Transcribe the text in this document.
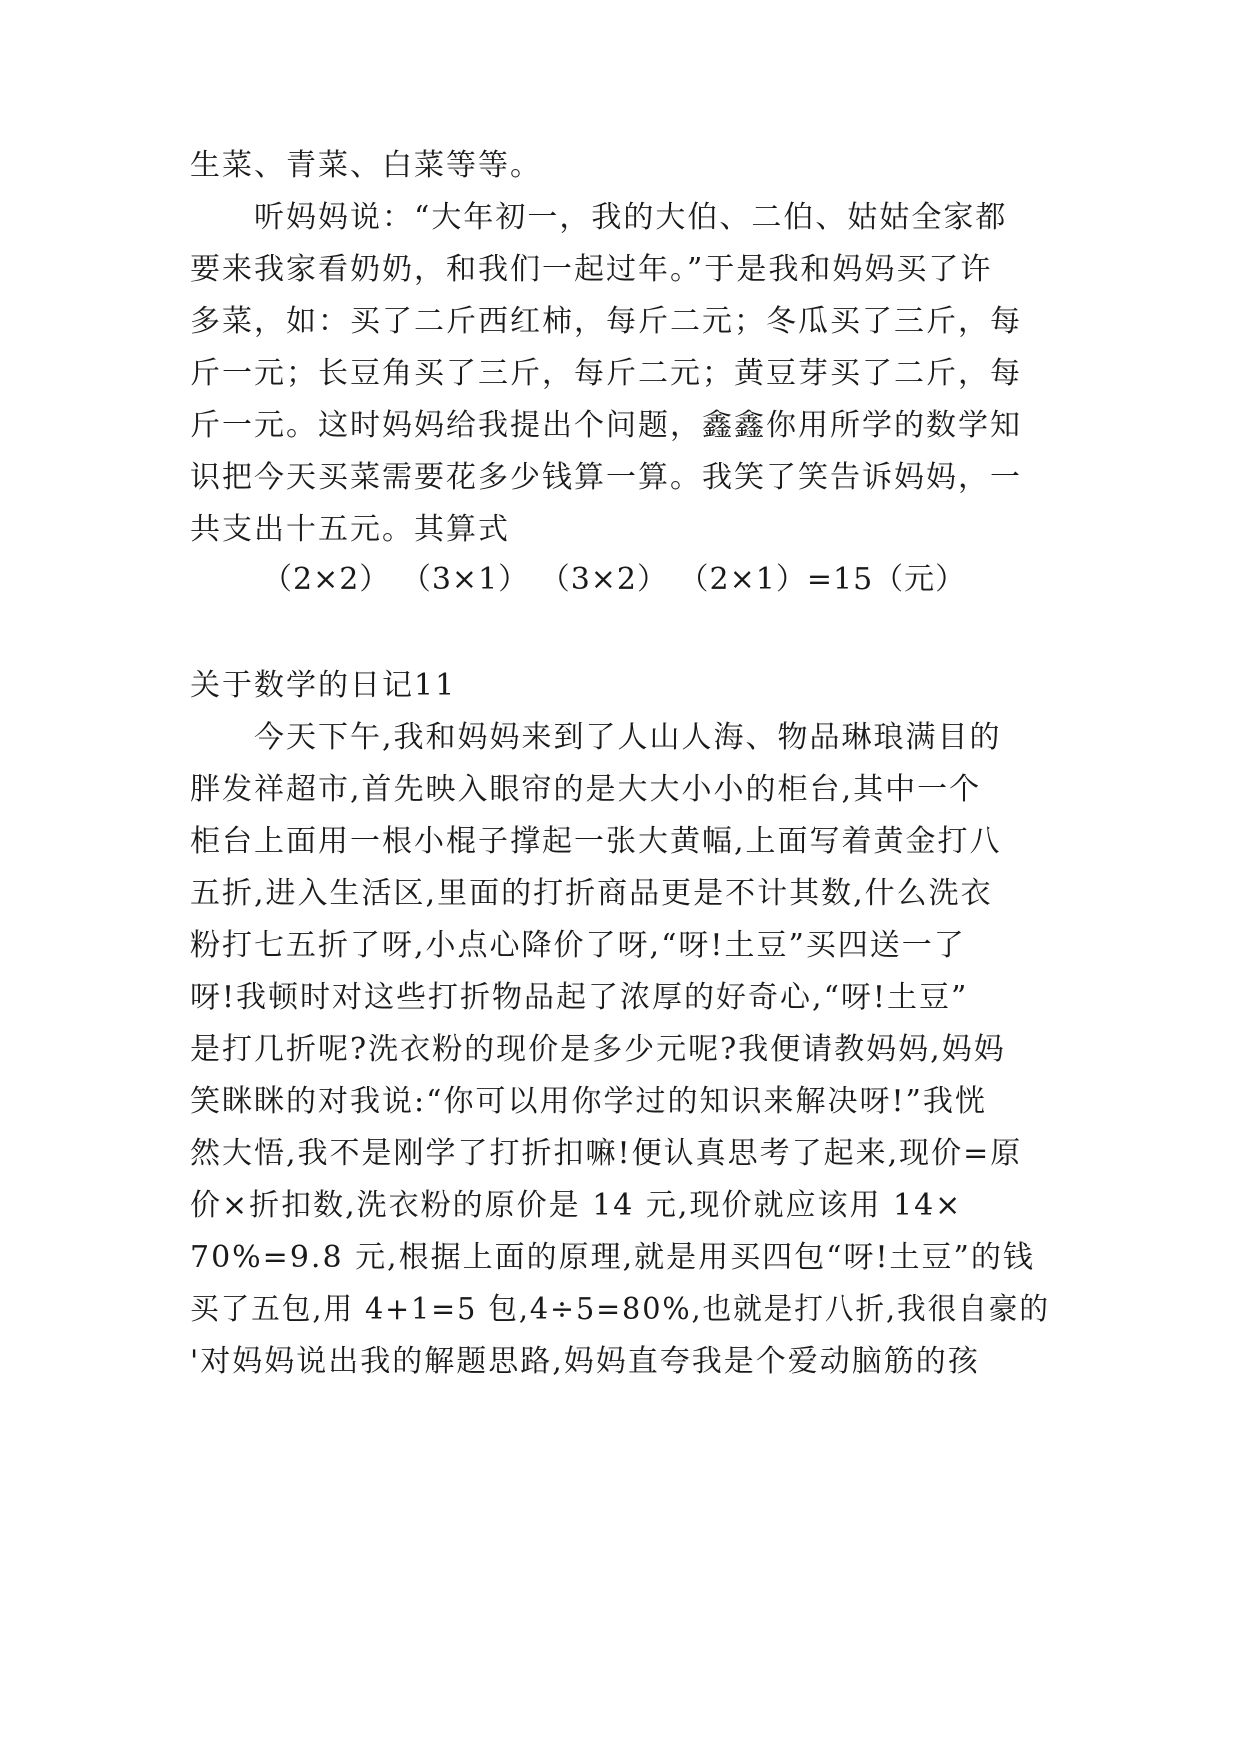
生菜、青菜、白菜等等。
听妈妈说：“大年初一，我的大伯、二伯、姑姑全家都
要来我家看奶奶，和我们一起过年。”于是我和妈妈买了许
多菜，如：买了二斤西红柿，每斤二元；冬瓜买了三斤，每
斤一元；长豆角买了三斤，每斤二元；黄豆芽买了二斤，每
斤一元。这时妈妈给我提出个问题，鑫鑫你用所学的数学知
识把今天买菜需要花多少钱算一算。我笑了笑告诉妈妈，一
共支出十五元。其算式
（2×2） （3×1） （3×2） （2×1）=15（元）
关于数学的日记11
今天下午,我和妈妈来到了人山人海、物品琳琅满目的
胖发祥超市,首先映入眼帘的是大大小小的柜台,其中一个
柜台上面用一根小棍子撑起一张大黄幅,上面写着黄金打八
五折,进入生活区,里面的打折商品更是不计其数,什么洗衣
粉打七五折了呀,小点心降价了呀,“呀!土豆”买四送一了
呀!我顿时对这些打折物品起了浓厚的好奇心,“呀!土豆”
是打几折呢?洗衣粉的现价是多少元呢?我便请教妈妈,妈妈
笑眯眯的对我说:“你可以用你学过的知识来解决呀!”我恍
然大悟,我不是刚学了打折扣嘛!便认真思考了起来,现价=原
价×折扣数,洗衣粉的原价是 14 元,现价就应该用 14×
70%=9.8 元,根据上面的原理,就是用买四包“呀!土豆”的钱
买了五包,用 4+1=5 包,4÷5=80%,也就是打八折,我很自豪的
'对妈妈说出我的解题思路,妈妈直夸我是个爱动脑筋的孩
